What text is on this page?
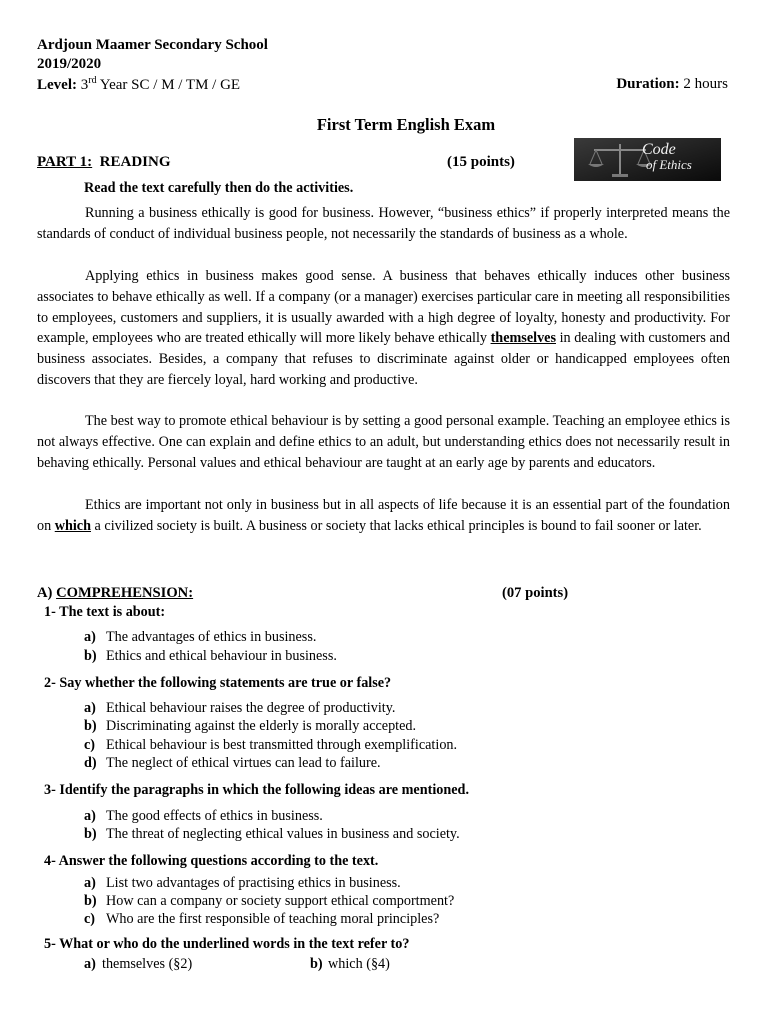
Ardjoun Maamer Secondary School
2019/2020
Level: 3rd Year SC / M / TM / GE	Duration: 2 hours
First Term English Exam
PART 1: READING	(15 points)
Code
of Ethics
Read the text carefully then do the activities.

Running a business ethically is good for business. However, “business ethics” if properly interpreted means the standards of conduct of individual business people, not necessarily the standards of business as a whole.

Applying ethics in business makes good sense. A business that behaves ethically induces other business associates to behave ethically as well. If a company (or a manager) exercises particular care in meeting all responsibilities to employees, customers and suppliers, it is usually awarded with a high degree of loyalty, honesty and productivity. For example, employees who are treated ethically will more likely behave ethically themselves in dealing with customers and business associates. Besides, a company that refuses to discriminate against older or handicapped employees often discovers that they are fiercely loyal, hard working and productive.

The best way to promote ethical behaviour is by setting a good personal example. Teaching an employee ethics is not always effective. One can explain and define ethics to an adult, but understanding ethics does not necessarily result in behaving ethically. Personal values and ethical behaviour are taught at an early age by parents and educators.

Ethics are important not only in business but in all aspects of life because it is an essential part of the foundation on which a civilized society is built. A business or society that lacks ethical principles is bound to fail sooner or later.

A) COMPREHENSION:	(07 points)
1- The text is about:
a) The advantages of ethics in business.
b) Ethics and ethical behaviour in business.
2- Say whether the following statements are true or false?
a) Ethical behaviour raises the degree of productivity.
b) Discriminating against the elderly is morally accepted.
c) Ethical behaviour is best transmitted through exemplification.
d) The neglect of ethical virtues can lead to failure.
3- Identify the paragraphs in which the following ideas are mentioned.
a) The good effects of ethics in business.
b) The threat of neglecting ethical values in business and society.
4- Answer the following questions according to the text.
a) List two advantages of practising ethics in business.
b) How can a company or society support ethical comportment?
c) Who are the first responsible of teaching moral principles?
5- What or who do the underlined words in the text refer to?
a) themselves (§2)	b) which (§4)
